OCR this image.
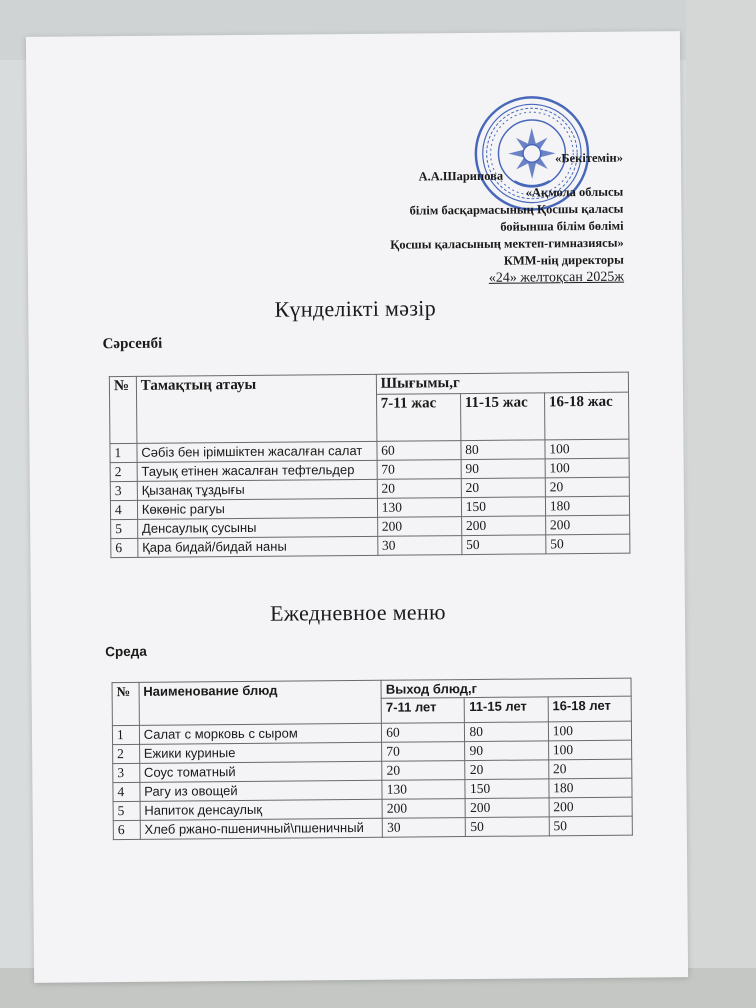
«Бекітемін»
А.А.Шарипова
«Ақмола облысы
білім басқармасының Қосшы қаласы
бойынша білім бөлімі
Қосшы қаласының мектеп-гимназиясы»
КММ-нің директоры
«24» желтоқсан 2025ж
Күнделікті мәзір
Сәрсенбі
№	Тамақтың атауы	Шығымы,г		
		7-11 жас	11-15 жас	16-18 жас
1	Сәбіз бен ірімшіктен жасалған салат	60	80	100
2	Тауық етінен жасалған тефтельдер	70	90	100
3	Қызанақ тұздығы	20	20	20
4	Көкөніс рагуы	130	150	180
5	Денсаулық сусыны	200	200	200
6	Қара бидай/бидай наны	30	50	50
Ежедневное меню
Среда
№	Наименование блюд	Выход блюд,г		
		7-11 лет	11-15 лет	16-18 лет
1	Салат с морковь с сыром	60	80	100
2	Ежики куриные	70	90	100
3	Соус томатный	20	20	20
4	Рагу из овощей	130	150	180
5	Напиток денсаулық	200	200	200
6	Хлеб ржано-пшеничный\пшеничный	30	50	50
